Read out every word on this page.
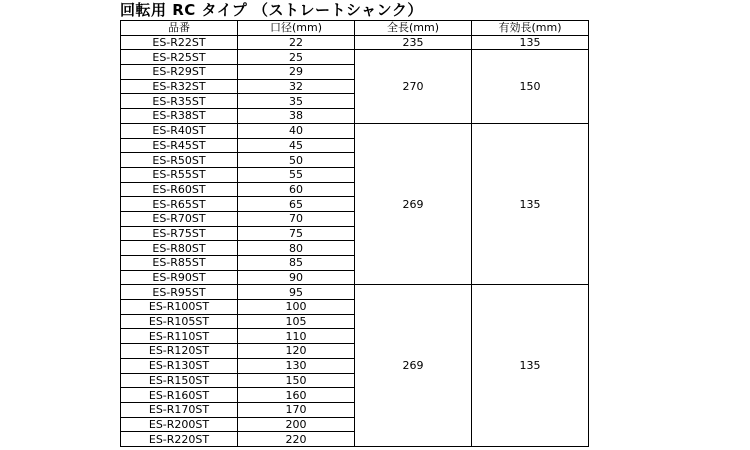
回転用 RC タイプ （ストレートシャンク）
品番	口径(mm)	全長(mm)	有効長(mm)
ES-R22ST	22	235	135
ES-R25ST	25	270	150
ES-R29ST	29		
ES-R32ST	32		
ES-R35ST	35		
ES-R38ST	38		
ES-R40ST	40	269	135
ES-R45ST	45		
ES-R50ST	50		
ES-R55ST	55		
ES-R60ST	60		
ES-R65ST	65		
ES-R70ST	70		
ES-R75ST	75		
ES-R80ST	80		
ES-R85ST	85		
ES-R90ST	90		
ES-R95ST	95	269	135
ES-R100ST	100		
ES-R105ST	105		
ES-R110ST	110		
ES-R120ST	120		
ES-R130ST	130		
ES-R150ST	150		
ES-R160ST	160		
ES-R170ST	170		
ES-R200ST	200		
ES-R220ST	220		
